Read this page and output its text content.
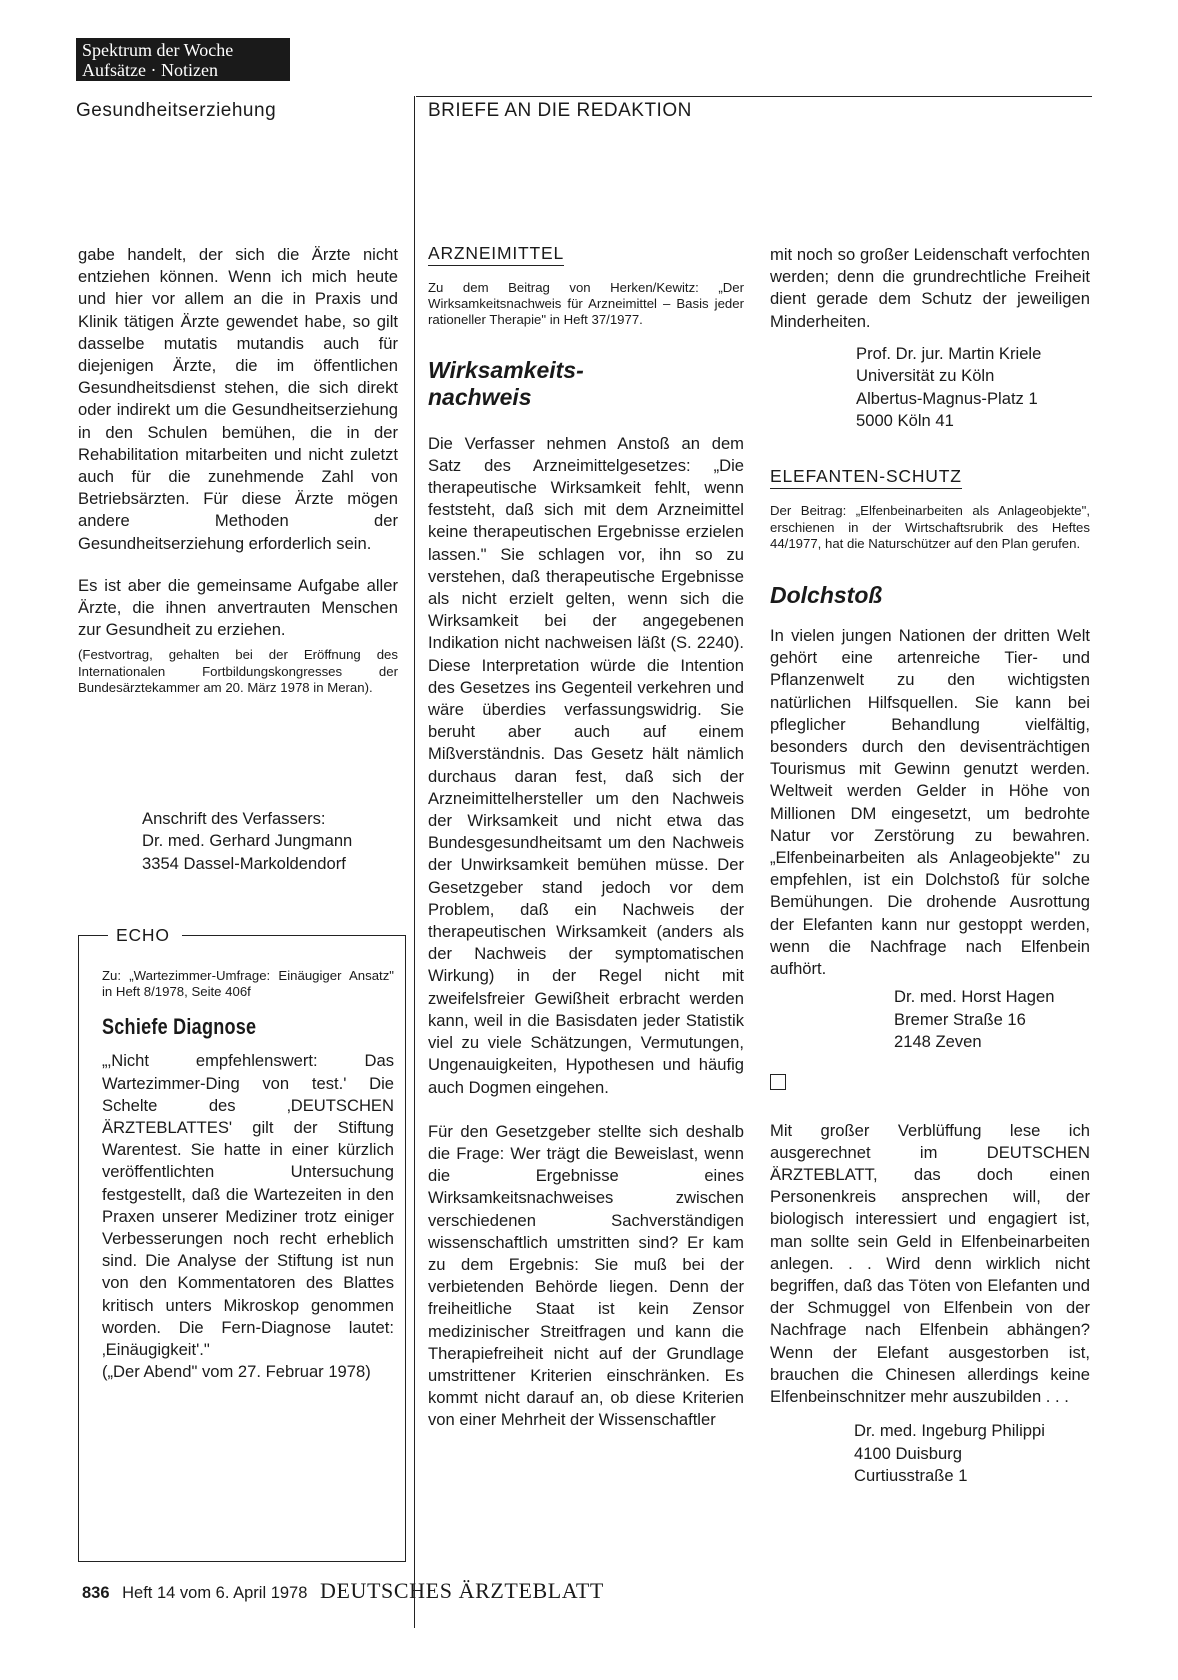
Spektrum der Woche
Aufsätze · Notizen
Gesundheitserziehung	BRIEFE AN DIE REDAKTION

gabe handelt, der sich die Ärzte nicht entziehen können. Wenn ich mich heute und hier vor allem an die in Praxis und Klinik tätigen Ärzte gewendet habe, so gilt dasselbe mutatis mutandis auch für diejenigen Ärzte, die im öffentlichen Gesundheitsdienst stehen, die sich direkt oder indirekt um die Gesundheitserziehung in den Schulen bemühen, die in der Rehabilitation mitarbeiten und nicht zuletzt auch für die zunehmende Zahl von Betriebsärzten. Für diese Ärzte mögen andere Methoden der Gesundheitserziehung erforderlich sein.

Es ist aber die gemeinsame Aufgabe aller Ärzte, die ihnen anvertrauten Menschen zur Gesundheit zu erziehen.

(Festvortrag, gehalten bei der Eröffnung des Internationalen Fortbildungskongresses der Bundesärztekammer am 20. März 1978 in Meran).

Anschrift des Verfassers:
Dr. med. Gerhard Jungmann
3354 Dassel-Markoldendorf
ECHO
Zu: „Wartezimmer-Umfrage: Einäugiger Ansatz" in Heft 8/1978, Seite 406f
Schiefe Diagnose
„‚Nicht empfehlenswert: Das Wartezimmer-Ding von test.' Die Schelte des ‚DEUTSCHEN ÄRZTEBLATTES' gilt der Stiftung Warentest. Sie hatte in einer kürzlich veröffentlichten Untersuchung festgestellt, daß die Wartezeiten in den Praxen unserer Mediziner trotz einiger Verbesserungen noch recht erheblich sind. Die Analyse der Stiftung ist nun von den Kommentatoren des Blattes kritisch unters Mikroskop genommen worden. Die Fern-Diagnose lautet: ‚Einäugigkeit'."
(„Der Abend" vom 27. Februar 1978)
ARZNEIMITTEL
Zu dem Beitrag von Herken/Kewitz: „Der Wirksamkeitsnachweis für Arzneimittel – Basis jeder rationeller Therapie" in Heft 37/1977.
Wirksamkeits-
nachweis

Die Verfasser nehmen Anstoß an dem Satz des Arzneimittelgesetzes: „Die therapeutische Wirksamkeit fehlt, wenn feststeht, daß sich mit dem Arzneimittel keine therapeutischen Ergebnisse erzielen lassen." Sie schlagen vor, ihn so zu verstehen, daß therapeutische Ergebnisse als nicht erzielt gelten, wenn sich die Wirksamkeit bei der angegebenen Indikation nicht nachweisen läßt (S. 2240). Diese Interpretation würde die Intention des Gesetzes ins Gegenteil verkehren und wäre überdies verfassungswidrig. Sie beruht aber auch auf einem Mißverständnis. Das Gesetz hält nämlich durchaus daran fest, daß sich der Arzneimittelhersteller um den Nachweis der Wirksamkeit und nicht etwa das Bundesgesundheitsamt um den Nachweis der Unwirksamkeit bemühen müsse. Der Gesetzgeber stand jedoch vor dem Problem, daß ein Nachweis der therapeutischen Wirksamkeit (anders als der Nachweis der symptomatischen Wirkung) in der Regel nicht mit zweifelsfreier Gewißheit erbracht werden kann, weil in die Basisdaten jeder Statistik viel zu viele Schätzungen, Vermutungen, Ungenauigkeiten, Hypothesen und häufig auch Dogmen eingehen.

Für den Gesetzgeber stellte sich deshalb die Frage: Wer trägt die Beweislast, wenn die Ergebnisse eines Wirksamkeitsnachweises zwischen verschiedenen Sachverständigen wissenschaftlich umstritten sind? Er kam zu dem Ergebnis: Sie muß bei der verbietenden Behörde liegen. Denn der freiheitliche Staat ist kein Zensor medizinischer Streitfragen und kann die Therapiefreiheit nicht auf der Grundlage umstrittener Kriterien einschränken. Es kommt nicht darauf an, ob diese Kriterien von einer Mehrheit der Wissenschaftler

mit noch so großer Leidenschaft verfochten werden; denn die grundrechtliche Freiheit dient gerade dem Schutz der jeweiligen Minderheiten.

Prof. Dr. jur. Martin Kriele
Universität zu Köln
Albertus-Magnus-Platz 1
5000 Köln 41
ELEFANTEN-SCHUTZ
Der Beitrag: „Elfenbeinarbeiten als Anlageobjekte", erschienen in der Wirtschaftsrubrik des Heftes 44/1977, hat die Naturschützer auf den Plan gerufen.
Dolchstoß

In vielen jungen Nationen der dritten Welt gehört eine artenreiche Tier- und Pflanzenwelt zu den wichtigsten natürlichen Hilfsquellen. Sie kann bei pfleglicher Behandlung vielfältig, besonders durch den devisenträchtigen Tourismus mit Gewinn genutzt werden. Weltweit werden Gelder in Höhe von Millionen DM eingesetzt, um bedrohte Natur vor Zerstörung zu bewahren. „Elfenbeinarbeiten als Anlageobjekte" zu empfehlen, ist ein Dolchstoß für solche Bemühungen. Die drohende Ausrottung der Elefanten kann nur gestoppt werden, wenn die Nachfrage nach Elfenbein aufhört.

Dr. med. Horst Hagen
Bremer Straße 16
2148 Zeven

Mit großer Verblüffung lese ich ausgerechnet im DEUTSCHEN ÄRZTEBLATT, das doch einen Personenkreis ansprechen will, der biologisch interessiert und engagiert ist, man sollte sein Geld in Elfenbeinarbeiten anlegen. . . Wird denn wirklich nicht begriffen, daß das Töten von Elefanten und der Schmuggel von Elfenbein von der Nachfrage nach Elfenbein abhängen? Wenn der Elefant ausgestorben ist, brauchen die Chinesen allerdings keine Elfenbeinschnitzer mehr auszubilden . . .

Dr. med. Ingeburg Philippi
4100 Duisburg
Curtiusstraße 1
836 Heft 14 vom 6. April 1978 DEUTSCHES ÄRZTEBLATT
